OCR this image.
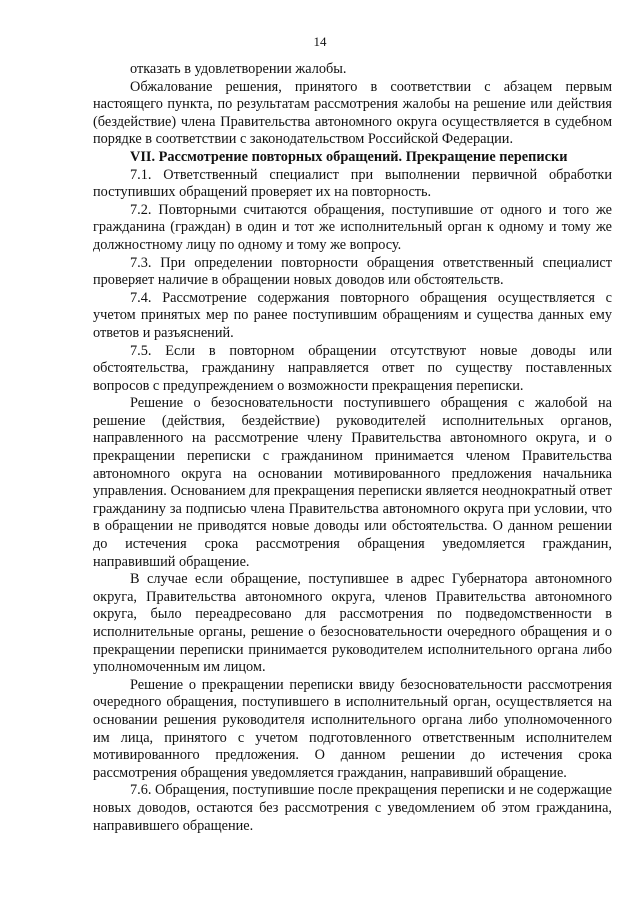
14

отказать в удовлетворении жалобы.

Обжалование решения, принятого в соответствии с абзацем первым настоящего пункта, по результатам рассмотрения жалобы на решение или действия (бездействие) члена Правительства автономного округа осуществляется в судебном порядке в соответствии с законодательством Российской Федерации.

VII. Рассмотрение повторных обращений. Прекращение переписки

7.1. Ответственный специалист при выполнении первичной обработки поступивших обращений проверяет их на повторность.

7.2. Повторными считаются обращения, поступившие от одного и того же гражданина (граждан) в один и тот же исполнительный орган к одному и тому же должностному лицу по одному и тому же вопросу.

7.3. При определении повторности обращения ответственный специалист проверяет наличие в обращении новых доводов или обстоятельств.

7.4. Рассмотрение содержания повторного обращения осуществляется с учетом принятых мер по ранее поступившим обращениям и существа данных ему ответов и разъяснений.

7.5. Если в повторном обращении отсутствуют новые доводы или обстоятельства, гражданину направляется ответ по существу поставленных вопросов с предупреждением о возможности прекращения переписки.

Решение о безосновательности поступившего обращения с жалобой на решение (действия, бездействие) руководителей исполнительных органов, направленного на рассмотрение члену Правительства автономного округа, и о прекращении переписки с гражданином принимается членом Правительства автономного округа на основании мотивированного предложения начальника управления. Основанием для прекращения переписки является неоднократный ответ гражданину за подписью члена Правительства автономного округа при условии, что в обращении не приводятся новые доводы или обстоятельства. О данном решении до истечения срока рассмотрения обращения уведомляется гражданин, направивший обращение.

В случае если обращение, поступившее в адрес Губернатора автономного округа, Правительства автономного округа, членов Правительства автономного округа, было переадресовано для рассмотрения по подведомственности в исполнительные органы, решение о безосновательности очередного обращения и о прекращении переписки принимается руководителем исполнительного органа либо уполномоченным им лицом.

Решение о прекращении переписки ввиду безосновательности рассмотрения очередного обращения, поступившего в исполнительный орган, осуществляется на основании решения руководителя исполнительного органа либо уполномоченного им лица, принятого с учетом подготовленного ответственным исполнителем мотивированного предложения. О данном решении до истечения срока рассмотрения обращения уведомляется гражданин, направивший обращение.

7.6. Обращения, поступившие после прекращения переписки и не содержащие новых доводов, остаются без рассмотрения с уведомлением об этом гражданина, направившего обращение.
